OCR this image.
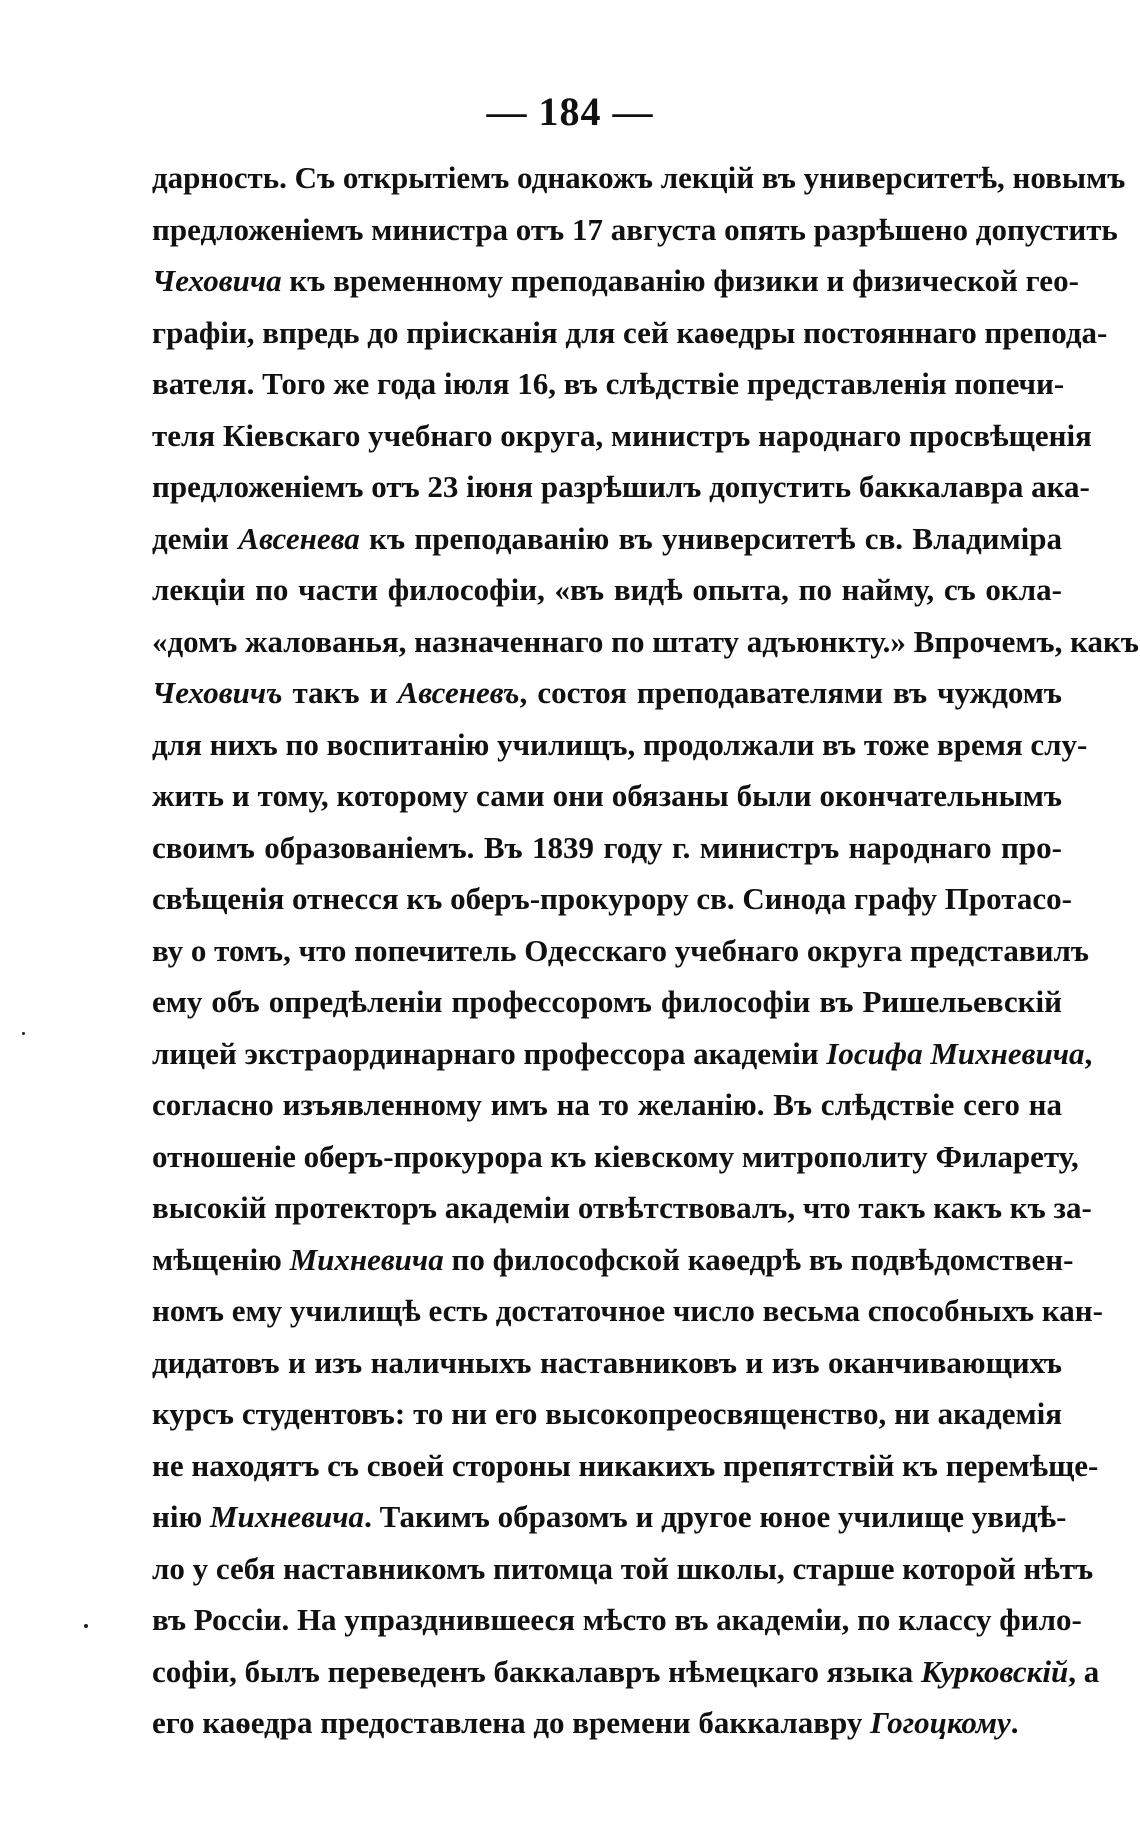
— 184 —
дарность. Съ открытіемъ однакожъ лекцій въ университетѣ, новымъ
предложеніемъ министра отъ 17 августа опять разрѣшено допустить
Чеховича къ временному преподаванію физики и физической гео-
графіи, впредь до пріисканія для сей каѳедры постояннаго препода-
вателя. Того же года іюля 16, въ слѣдствіе представленія попечи-
теля Кіевскаго учебнаго округа, министръ народнаго просвѣщенія
предложеніемъ отъ 23 іюня разрѣшилъ допустить баккалавра ака-
деміи Авсенева къ преподаванію въ университетѣ св. Владиміра
лекціи по части философіи, «въ видѣ опыта, по найму, съ окла-
«домъ жалованья, назначеннаго по штату адъюнкту.» Впрочемъ, какъ
Чеховичъ такъ и Авсеневъ, состоя преподавателями въ чуждомъ
для нихъ по воспитанію училищъ, продолжали въ тоже время слу-
жить и тому, которому сами они обязаны были окончательнымъ
своимъ образованіемъ. Въ 1839 году г. министръ народнаго про-
свѣщенія отнесся къ оберъ-прокурору св. Синода графу Протасо-
ву о томъ, что попечитель Одесскаго учебнаго округа представилъ
ему объ опредѣленіи профессоромъ философіи въ Ришельевскій
лицей экстраординарнаго профессора академіи Іосифа Михневича,
согласно изъявленному имъ на то желанію. Въ слѣдствіе сего на
отношеніе оберъ-прокурора къ кіевскому митрополиту Филарету,
высокій протекторъ академіи отвѣтствовалъ, что такъ какъ къ за-
мѣщенію Михневича по философской каѳедрѣ въ подвѣдомствен-
номъ ему училищѣ есть достаточное число весьма способныхъ кан-
дидатовъ и изъ наличныхъ наставниковъ и изъ оканчивающихъ
курсъ студентовъ: то ни его высокопреосвященство, ни академія
не находятъ съ своей стороны никакихъ препятствій къ перемѣще-
нію Михневича. Такимъ образомъ и другое юное училище увидѣ-
ло у себя наставникомъ питомца той школы, старше которой нѣтъ
въ Россіи. На упразднившееся мѣсто въ академіи, по классу фило-
софіи, былъ переведенъ баккалавръ нѣмецкаго языка Курковскій, а
его каѳедра предоставлена до времени баккалавру Гогоцкому.
